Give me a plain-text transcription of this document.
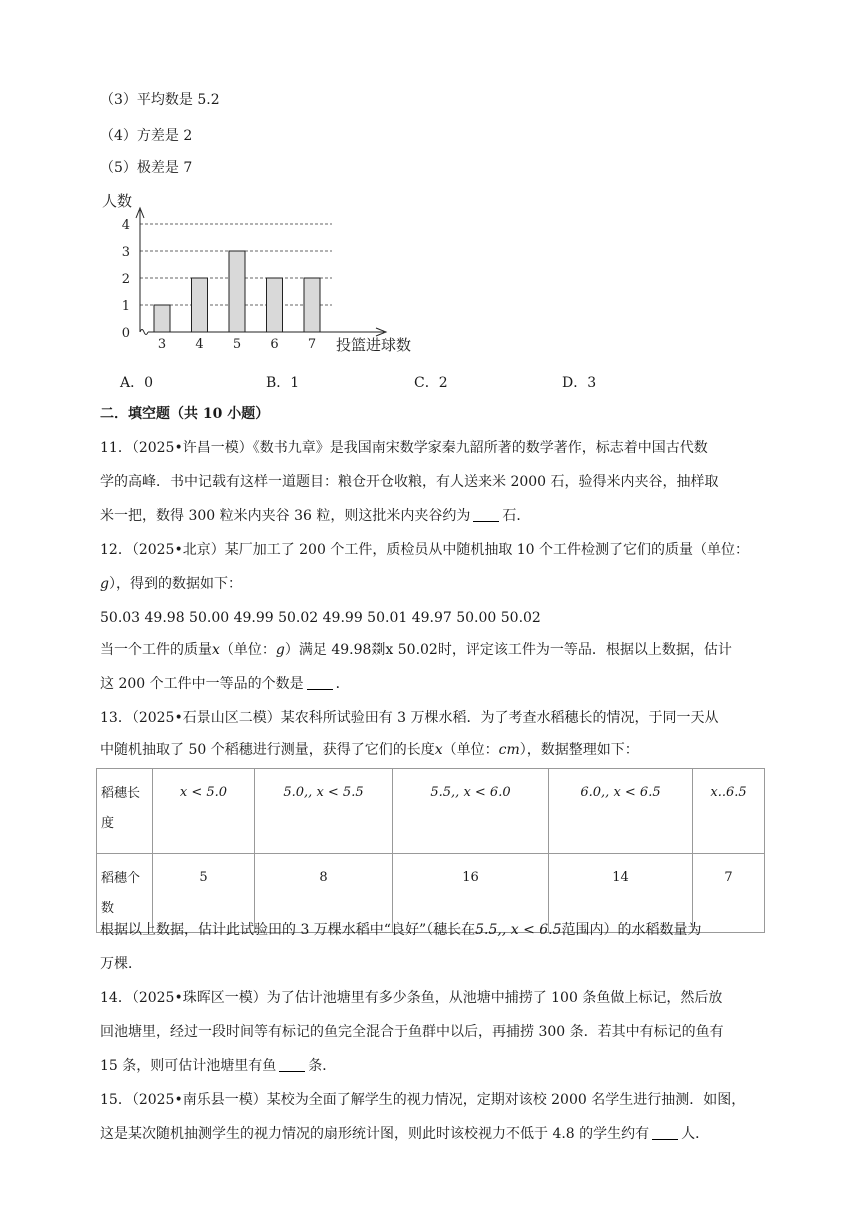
（3）平均数是 5.2
（4）方差是 2
（5）极差是 7
人数
投篮进球数
0
1
2
3
4
3 4 5 6 7
A．0	B．1	C．2	D．3
二．填空题（共 10 小题）
11．（2025•许昌一模）《数书九章》是我国南宋数学家秦九韶所著的数学著作，标志着中国古代数
学的高峰．书中记载有这样一道题目：粮仓开仓收粮，有人送来米 2000 石，验得米内夹谷，抽样取
米一把，数得 300 粒米内夹谷 36 粒，则这批米内夹谷约为 石．
12．（2025•北京）某厂加工了 200 个工件，质检员从中随机抽取 10 个工件检测了它们的质量（单位：
g），得到的数据如下：
50.03 49.98 50.00 49.99 50.02 49.99 50.01 49.97 50.00 50.02
当一个工件的质量x（单位：g）满足 49.98剟x 50.02时，评定该工件为一等品．根据以上数据，估计
这 200 个工件中一等品的个数是 ．
13．（2025•石景山区二模）某农科所试验田有 3 万棵水稻．为了考查水稻穗长的情况，于同一天从
中随机抽取了 50 个稻穗进行测量，获得了它们的长度x（单位：cm），数据整理如下：
稻穗长
度	x < 5.0	5.0,, x < 5.5	5.5,, x < 6.0	6.0,, x < 6.5	x..6.5
稻穗个
数	5	8	16	14	7
根据以上数据，估计此试验田的 3 万棵水稻中“良好”（穗长在5.5,, x < 6.5范围内）的水稻数量为
万棵．
14．（2025•珠晖区一模）为了估计池塘里有多少条鱼，从池塘中捕捞了 100 条鱼做上标记，然后放
回池塘里，经过一段时间等有标记的鱼完全混合于鱼群中以后，再捕捞 300 条．若其中有标记的鱼有
15 条，则可估计池塘里有鱼 条．
15．（2025•南乐县一模）某校为全面了解学生的视力情况，定期对该校 2000 名学生进行抽测．如图，
这是某次随机抽测学生的视力情况的扇形统计图，则此时该校视力不低于 4.8 的学生约有 人．
